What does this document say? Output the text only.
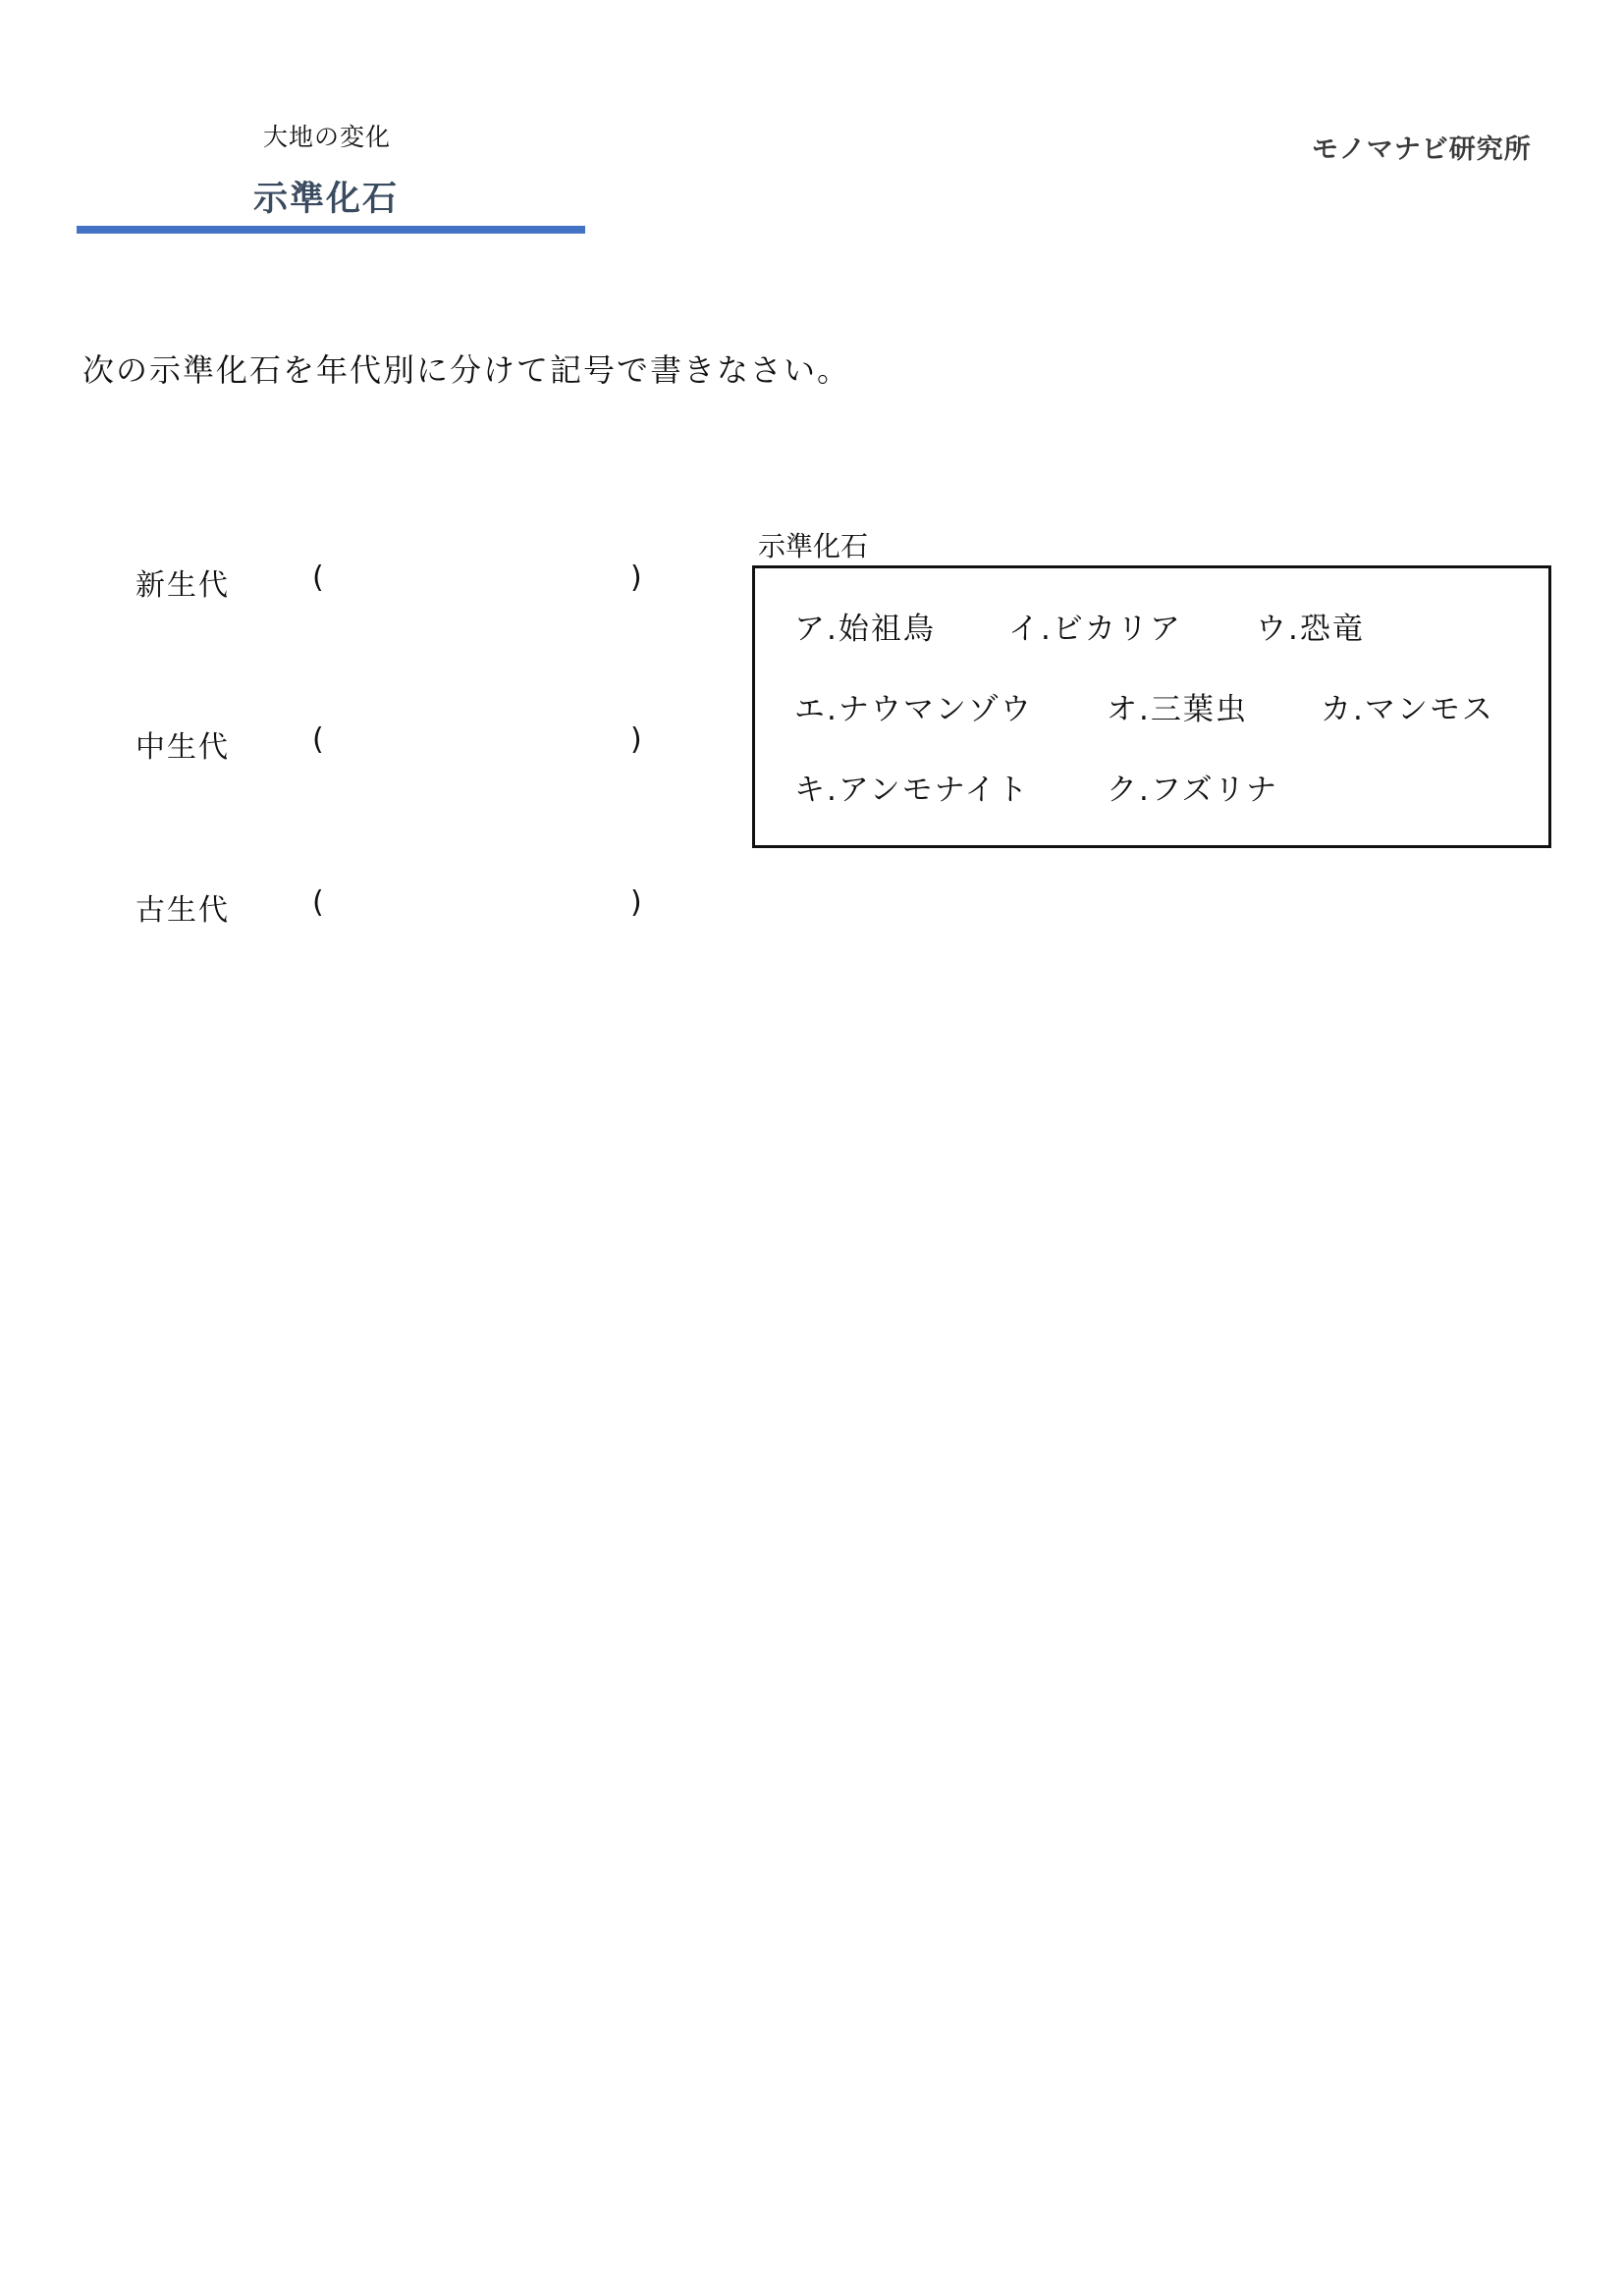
大地の変化
示準化石
モノマナビ研究所
次の示準化石を年代別に分けて記号で書きなさい。
新生代	(	)
中生代	(	)
古生代	(	)
示準化石
ア.始祖鳥 イ.ビカリア ウ.恐竜
エ.ナウマンゾウ オ.三葉虫 カ.マンモス
キ.アンモナイト	ク.フズリナ
